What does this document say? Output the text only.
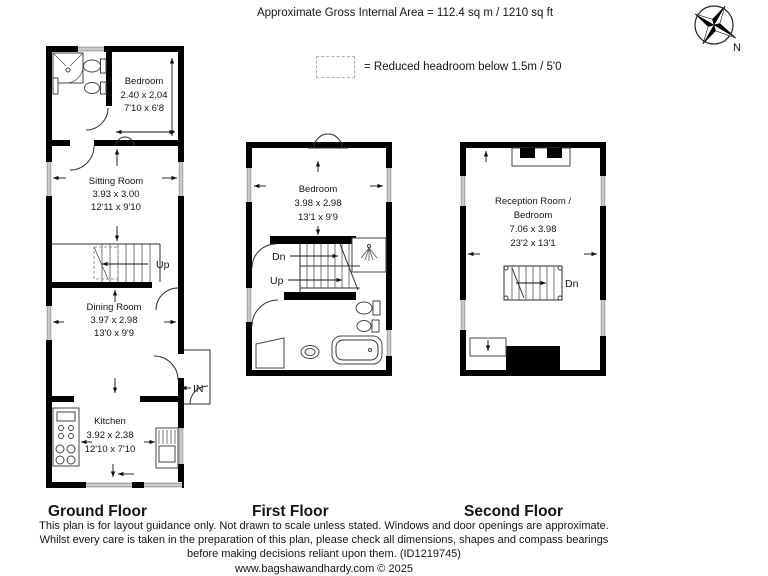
Approximate Gross Internal Area = 112.4 sq m / 1210 sq ft
N
= Reduced headroom below 1.5m / 5'0
Bedroom
2.40 x 2.04
7'10 x 6'8
Sitting Room
3.93 x 3.00
12'11 x 9'10
Dining Room
3.97 x 2.98
13'0 x 9'9
Kitchen
3.92 x 2.38
12'10 x 7'10
Up
IN
Bedroom
3.98 x 2.98
13'1 x 9'9
Dn
Up
Reception Room /
Bedroom
7.06 x 3.98
23'2 x 13'1
Dn
Ground Floor	First Floor	Second Floor

This plan is for layout guidance only. Not drawn to scale unless stated. Windows and door openings are approximate.

Whilst every care is taken in the preparation of this plan, please check all dimensions, shapes and compass bearings

before making decisions reliant upon them. (ID1219745)

www.bagshawandhardy.com © 2025
